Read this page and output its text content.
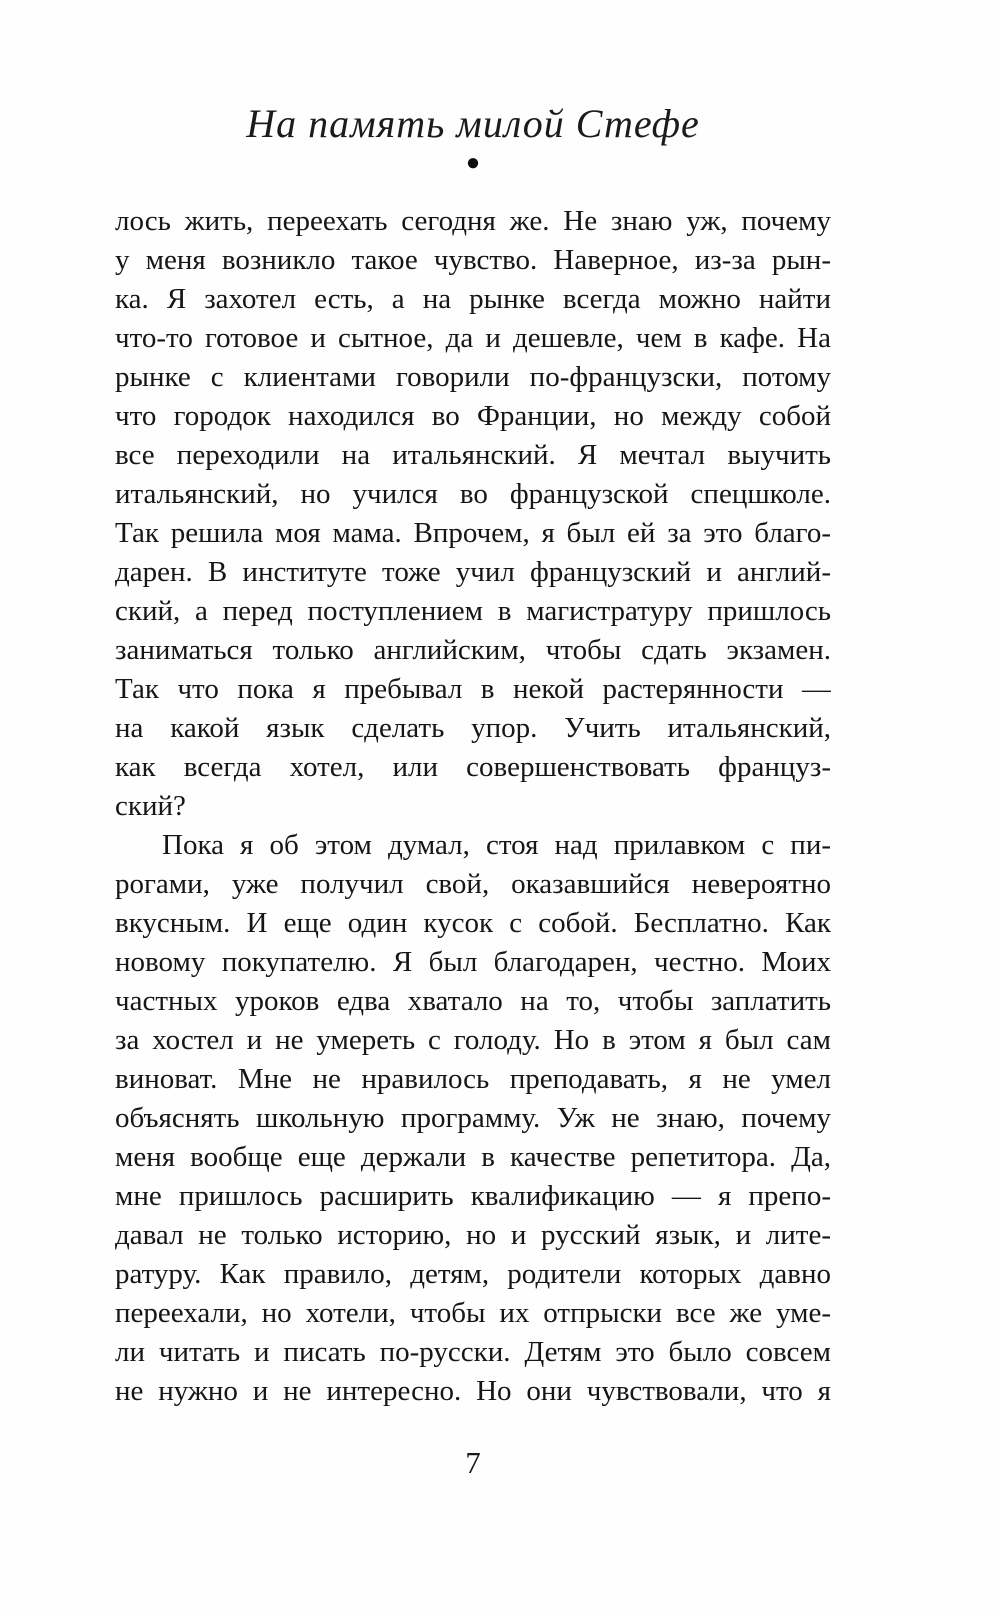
На память милой Стефе
●
лось жить, переехать сегодня же. Не знаю уж, почему
у меня возникло такое чувство. Наверное, из-за рын-
ка. Я захотел есть, а на рынке всегда можно найти
что-то готовое и сытное, да и дешевле, чем в кафе. На
рынке с клиентами говорили по-французски, потому
что городок находился во Франции, но между собой
все переходили на итальянский. Я мечтал выучить
итальянский, но учился во французской спецшколе.
Так решила моя мама. Впрочем, я был ей за это благо-
дарен. В институте тоже учил французский и англий-
ский, а перед поступлением в магистратуру пришлось
заниматься только английским, чтобы сдать экзамен.
Так что пока я пребывал в некой растерянности —
на какой язык сделать упор. Учить итальянский,
как всегда хотел, или совершенствовать француз-
ский?
Пока я об этом думал, стоя над прилавком с пи-
рогами, уже получил свой, оказавшийся невероятно
вкусным. И еще один кусок с собой. Бесплатно. Как
новому покупателю. Я был благодарен, честно. Моих
частных уроков едва хватало на то, чтобы заплатить
за хостел и не умереть с голоду. Но в этом я был сам
виноват. Мне не нравилось преподавать, я не умел
объяснять школьную программу. Уж не знаю, почему
меня вообще еще держали в качестве репетитора. Да,
мне пришлось расширить квалификацию — я препо-
давал не только историю, но и русский язык, и лите-
ратуру. Как правило, детям, родители которых давно
переехали, но хотели, чтобы их отпрыски все же уме-
ли читать и писать по-русски. Детям это было совсем
не нужно и не интересно. Но они чувствовали, что я
7
